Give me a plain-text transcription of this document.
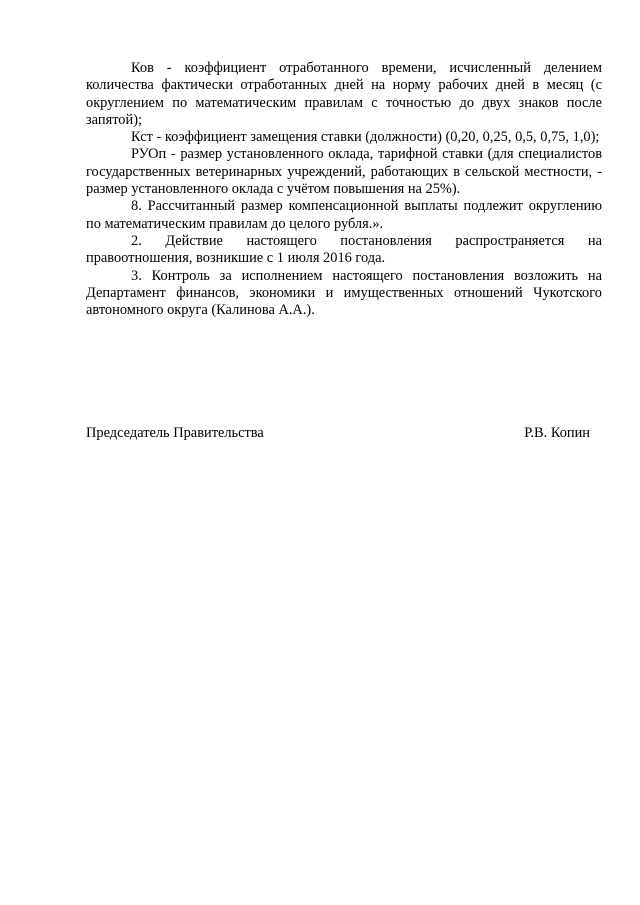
Ков - коэффициент отработанного времени, исчисленный делением количества фактически отработанных дней на норму рабочих дней в месяц (с округлением по математическим правилам с точностью до двух знаков после запятой);

Кст - коэффициент замещения ставки (должности) (0,20, 0,25, 0,5, 0,75, 1,0);

РУОп - размер установленного оклада, тарифной ставки (для специалистов государственных ветеринарных учреждений, работающих в сельской местности, - размер установленного оклада с учётом повышения на 25%).

8. Рассчитанный размер компенсационной выплаты подлежит округлению по математическим правилам до целого рубля.».

2. Действие настоящего постановления распространяется на правоотношения, возникшие с 1 июля 2016 года.

3. Контроль за исполнением настоящего постановления возложить на Департамент финансов, экономики и имущественных отношений Чукотского автономного округа (Калинова А.А.).

Председатель Правительства	Р.В. Копин
